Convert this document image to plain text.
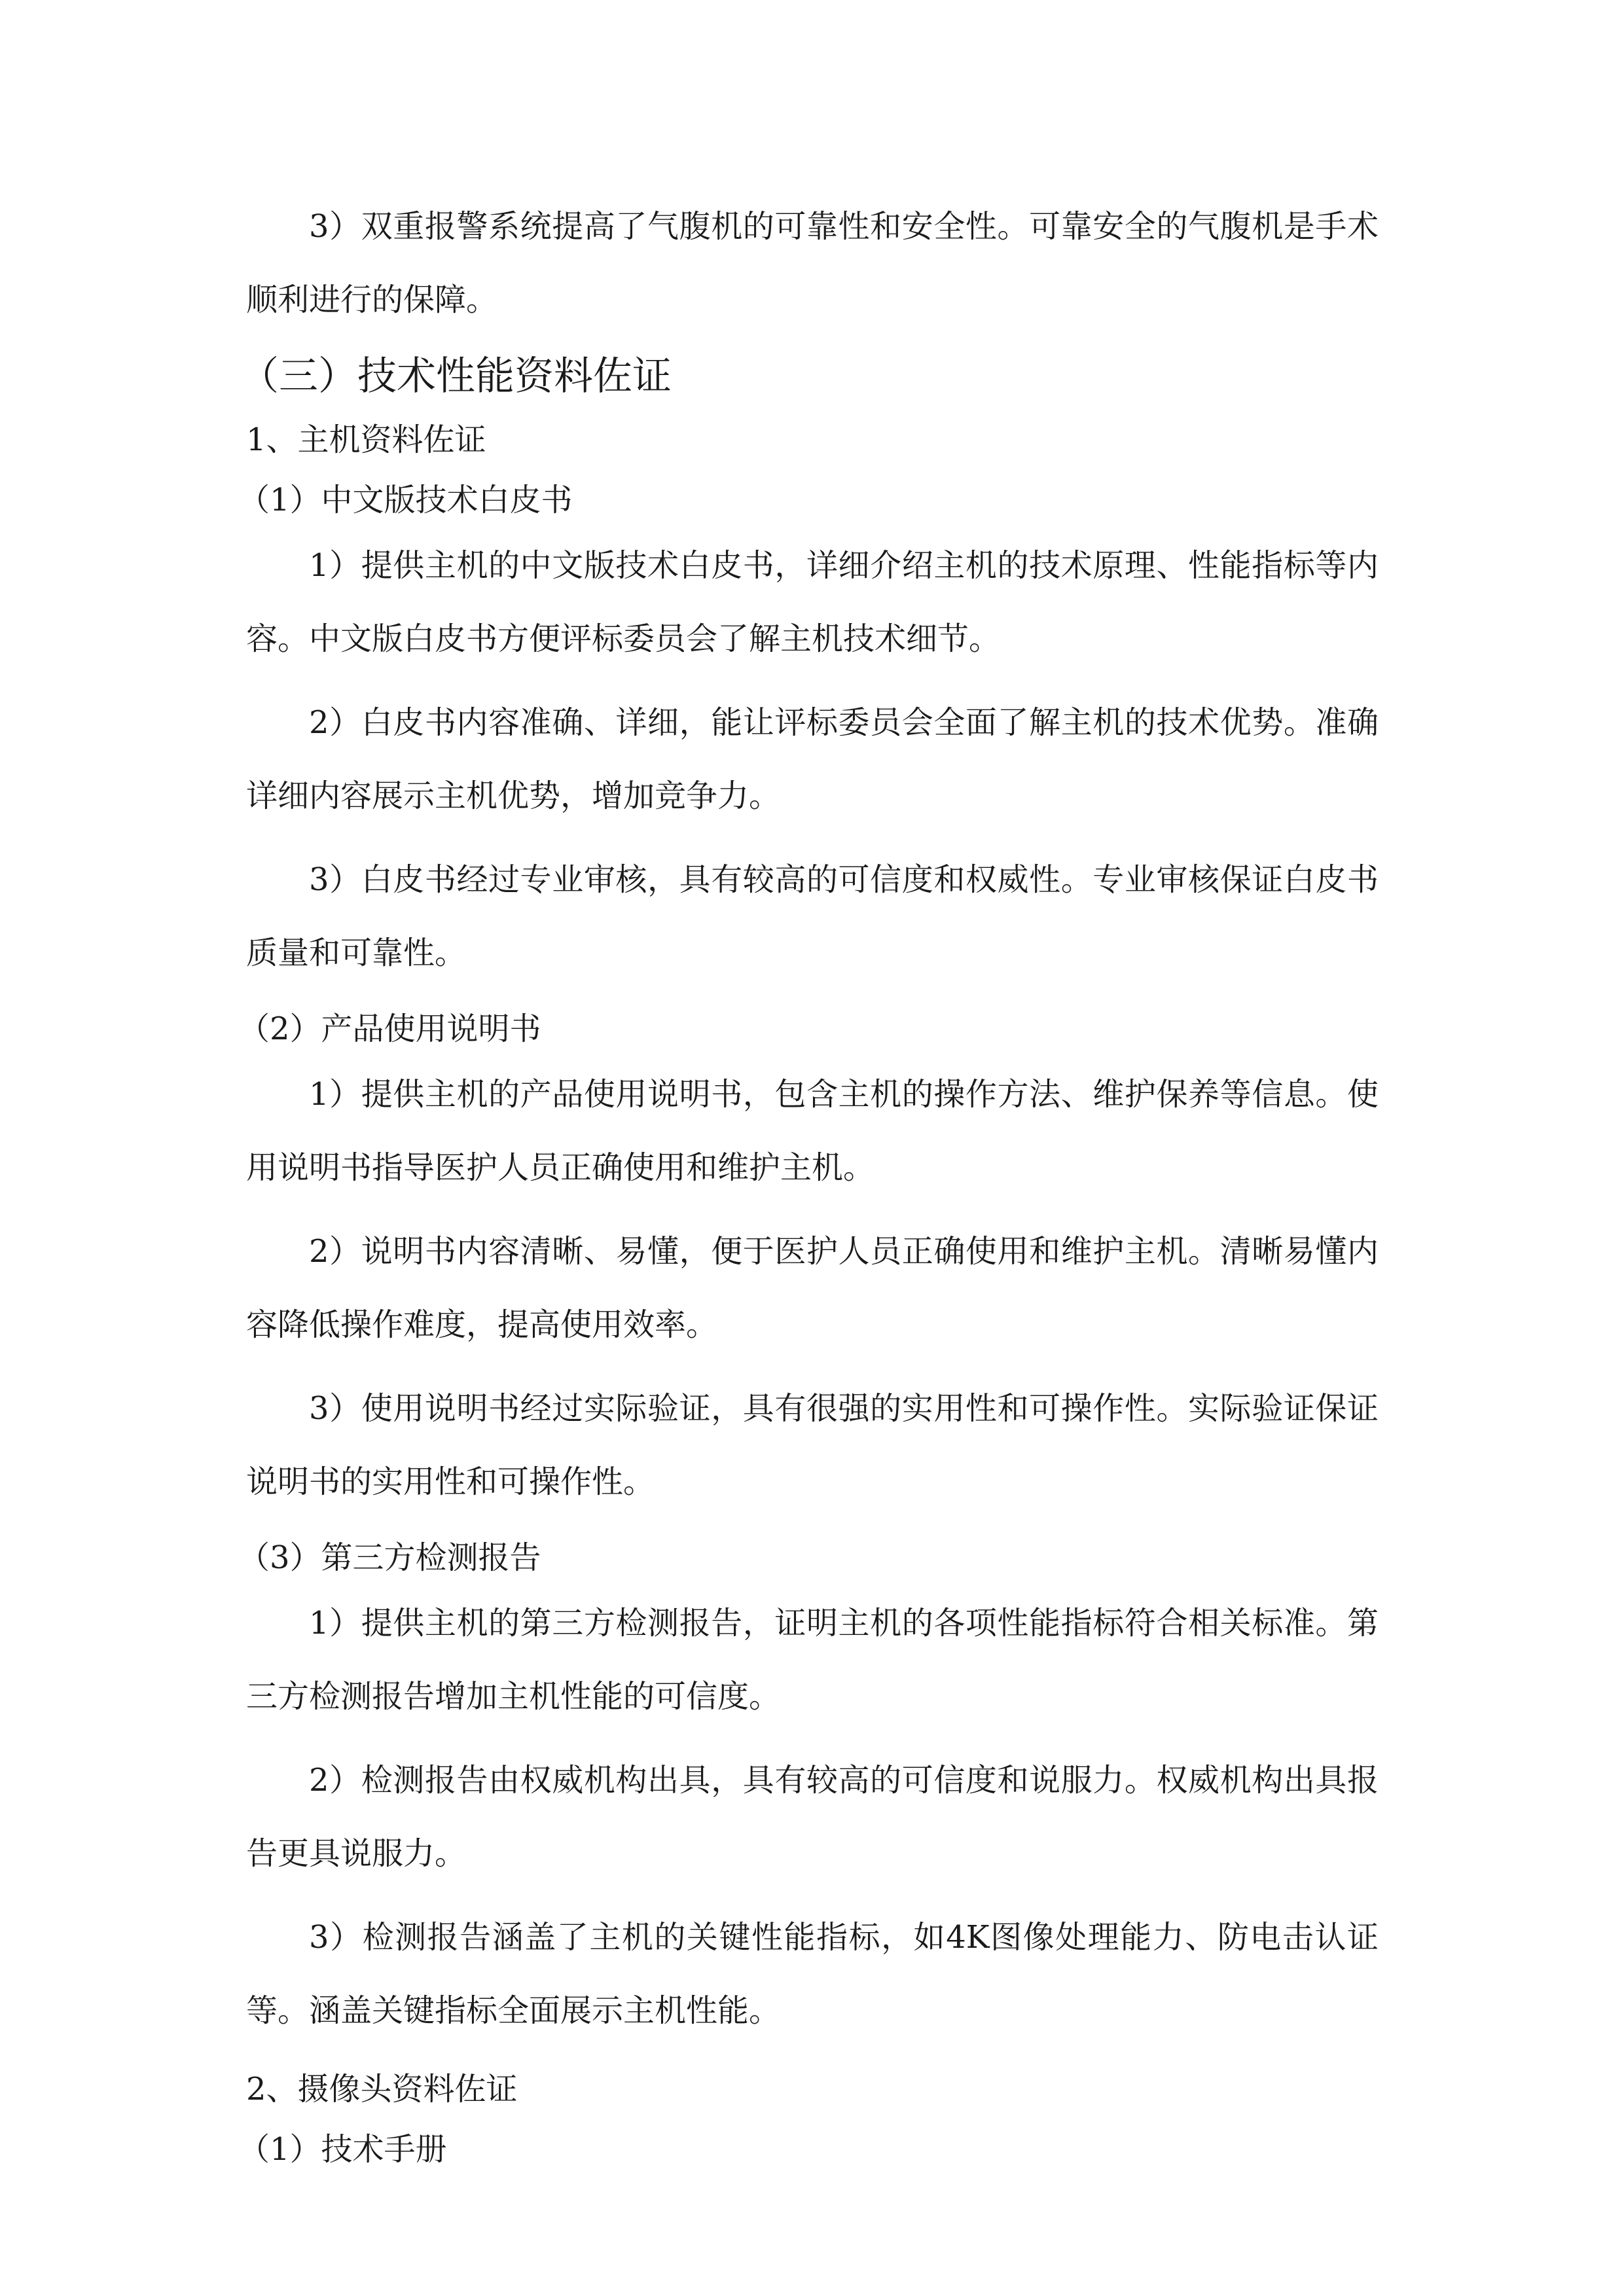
3）双重报警系统提高了气腹机的可靠性和安全性。可靠安全的气腹机是手术顺利进行的保障。

（三）技术性能资料佐证
1、主机资料佐证
（1）中文版技术白皮书

1）提供主机的中文版技术白皮书，详细介绍主机的技术原理、性能指标等内容。中文版白皮书方便评标委员会了解主机技术细节。

2）白皮书内容准确、详细，能让评标委员会全面了解主机的技术优势。准确详细内容展示主机优势，增加竞争力。

3）白皮书经过专业审核，具有较高的可信度和权威性。专业审核保证白皮书质量和可靠性。

（2）产品使用说明书

1）提供主机的产品使用说明书，包含主机的操作方法、维护保养等信息。使用说明书指导医护人员正确使用和维护主机。

2）说明书内容清晰、易懂，便于医护人员正确使用和维护主机。清晰易懂内容降低操作难度，提高使用效率。

3）使用说明书经过实际验证，具有很强的实用性和可操作性。实际验证保证说明书的实用性和可操作性。

（3）第三方检测报告

1）提供主机的第三方检测报告，证明主机的各项性能指标符合相关标准。第三方检测报告增加主机性能的可信度。

2）检测报告由权威机构出具，具有较高的可信度和说服力。权威机构出具报告更具说服力。

3）检测报告涵盖了主机的关键性能指标，如4K图像处理能力、防电击认证等。涵盖关键指标全面展示主机性能。

2、摄像头资料佐证
（1）技术手册
